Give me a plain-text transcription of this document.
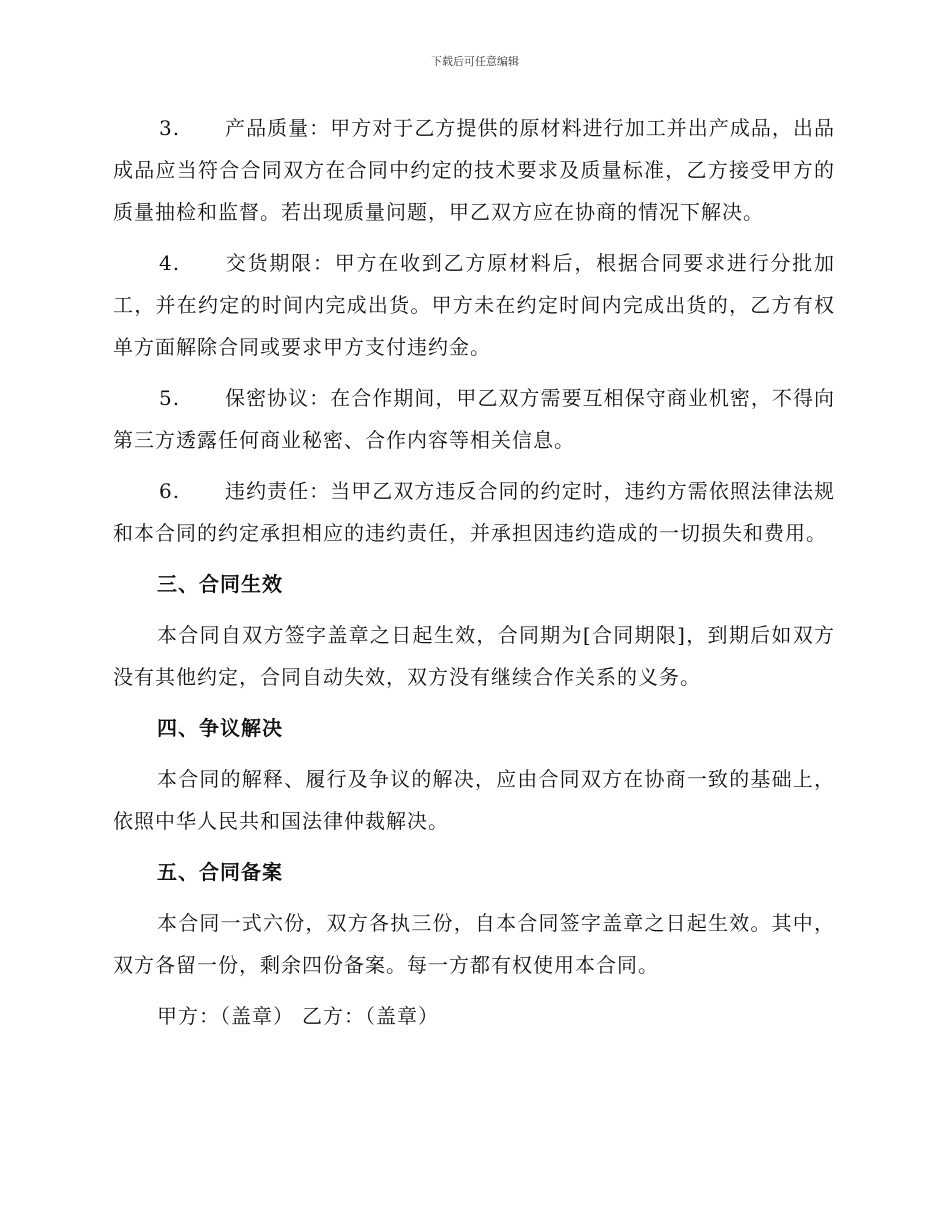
下载后可任意编辑

3. 产品质量：甲方对于乙方提供的原材料进行加工并出产成品，出品成品应当符合合同双方在合同中约定的技术要求及质量标准，乙方接受甲方的质量抽检和监督。若出现质量问题，甲乙双方应在协商的情况下解决。

4. 交货期限：甲方在收到乙方原材料后，根据合同要求进行分批加工，并在约定的时间内完成出货。甲方未在约定时间内完成出货的，乙方有权单方面解除合同或要求甲方支付违约金。

5. 保密协议：在合作期间，甲乙双方需要互相保守商业机密，不得向第三方透露任何商业秘密、合作内容等相关信息。

6. 违约责任：当甲乙双方违反合同的约定时，违约方需依照法律法规和本合同的约定承担相应的违约责任，并承担因违约造成的一切损失和费用。

三、合同生效

本合同自双方签字盖章之日起生效，合同期为[合同期限]，到期后如双方没有其他约定，合同自动失效，双方没有继续合作关系的义务。

四、争议解决

本合同的解释、履行及争议的解决，应由合同双方在协商一致的基础上，依照中华人民共和国法律仲裁解决。

五、合同备案

本合同一式六份，双方各执三份，自本合同签字盖章之日起生效。其中，双方各留一份，剩余四份备案。每一方都有权使用本合同。

甲方：（盖章） 乙方：（盖章）
